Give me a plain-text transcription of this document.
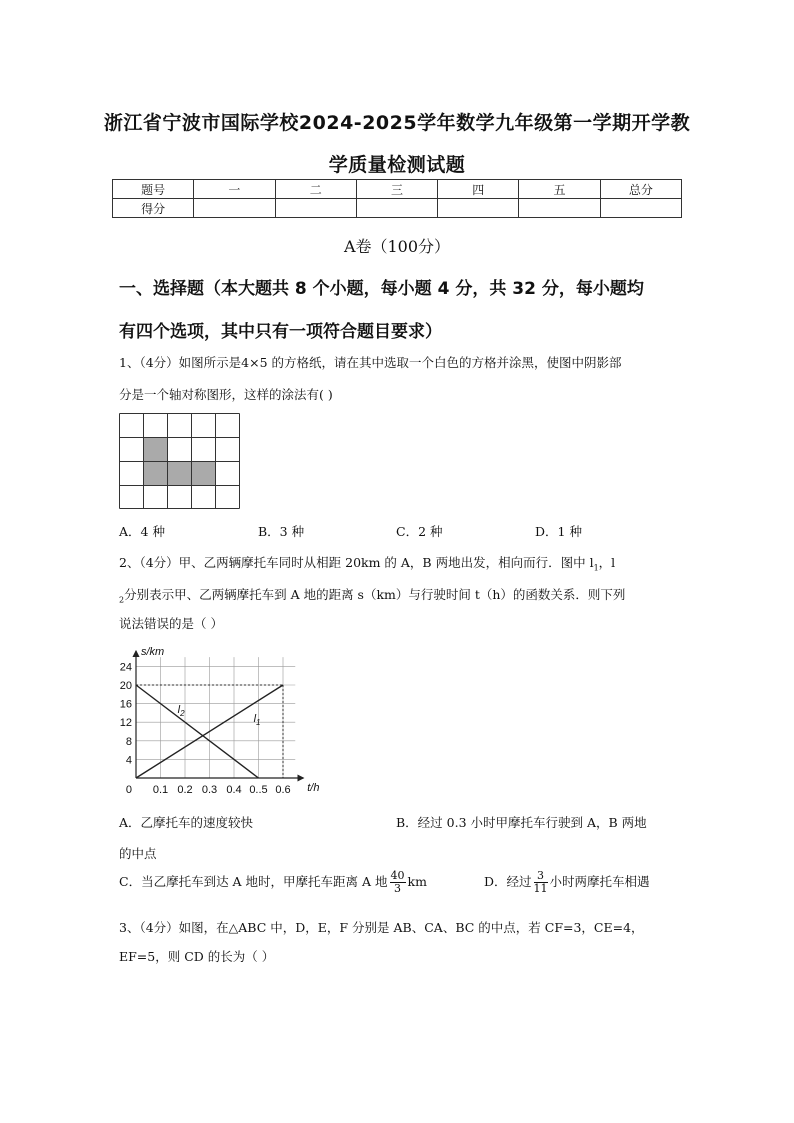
浙江省宁波市国际学校2024-2025学年数学九年级第一学期开学教
学质量检测试题
题号	一	二	三	四	五	总分
得分						
A卷（100分）
一、选择题（本大题共 8 个小题，每小题 4 分，共 32 分，每小题均
有四个选项，其中只有一项符合题目要求）
1、（4分）如图所示是4×5 的方格纸，请在其中选取一个白色的方格并涂黑，使图中阴影部
分是一个轴对称图形，这样的涂法有( )
A．4 种	B．3 种	C．2 种	D．1 种
2、（4分）甲、乙两辆摩托车同时从相距 20km 的 A，B 两地出发，相向而行．图中 $l_1$，l
$_2$分别表示甲、乙两辆摩托车到 A 地的距离 s（km）与行驶时间 t（h）的函数关系．则下列
说法错误的是（ ）
4
8
12
16
20
24
0.1 0.2 0.3 0.4 0..5 0.6
s/km
t/h
0
$l_1$
$l_2$
A．乙摩托车的速度较快	B．经过 0.3 小时甲摩托车行驶到 A，B 两地
的中点
C．当乙摩托车到达 A 地时，甲摩托车距离 A 地 $\frac{40}{3}$ km	D．经过 $\frac{3}{11}$ 小时两摩托车相遇
3、（4分）如图，在△ABC 中，D，E，F 分别是 AB、CA、BC 的中点，若 CF=3，CE=4，
EF=5，则 CD 的长为（ ）
